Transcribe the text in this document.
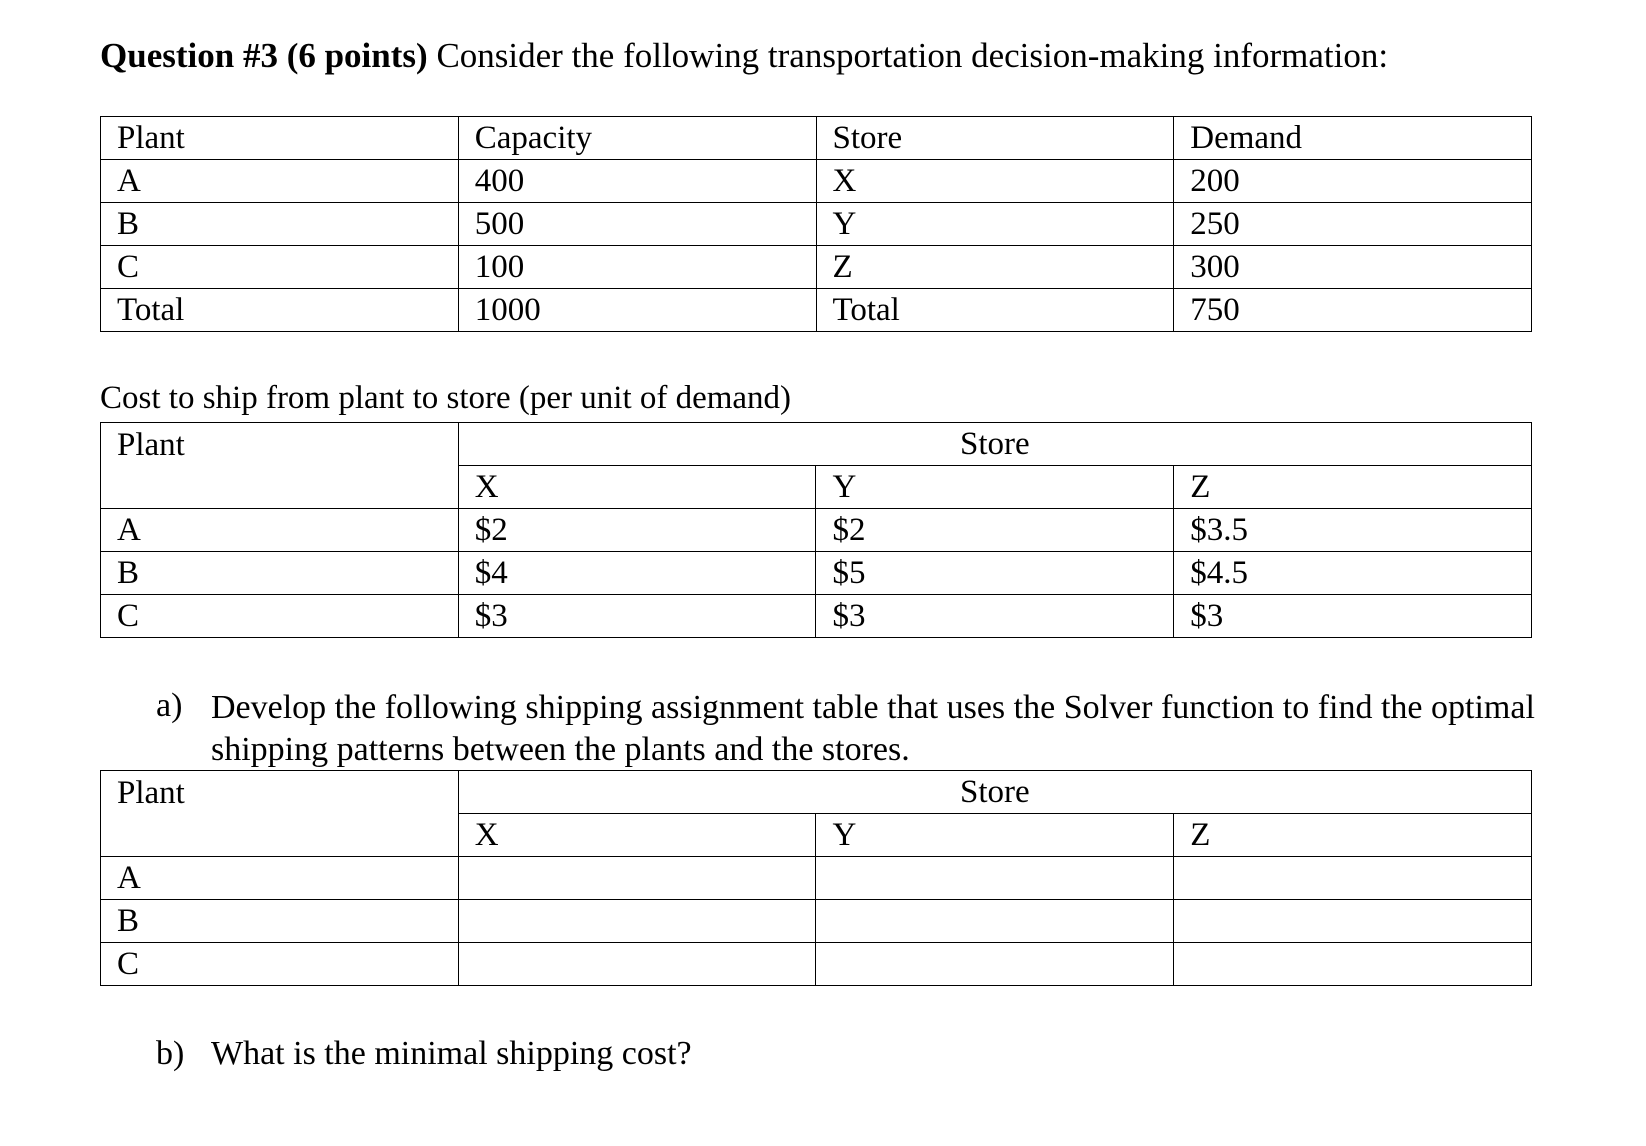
Question #3 (6 points) Consider the following transportation decision-making information:
Plant	Capacity	Store	Demand
A	400	X	200
B	500	Y	250
C	100	Z	300
Total	1000	Total	750
Cost to ship from plant to store (per unit of demand)
Plant	Store		
	X	Y	Z
A	$2	$2	$3.5
B	$4	$5	$4.5
C	$3	$3	$3
a) Develop the following shipping assignment table that uses the Solver function to find the optimal shipping patterns between the plants and the stores.
Plant	Store		
	X	Y	Z
A			
B			
C			
b) What is the minimal shipping cost?
